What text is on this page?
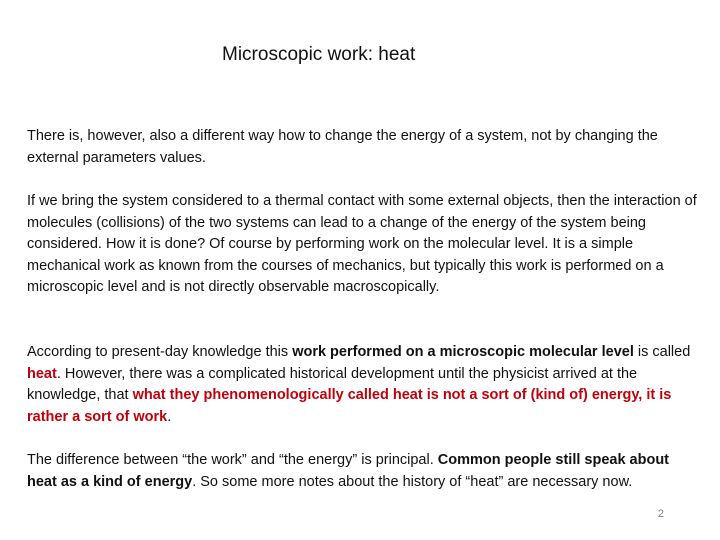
Microscopic work: heat

There is, however, also a different way how to change the energy of a system, not by changing the external parameters values.

If we bring the system considered to a thermal contact with some external objects, then the interaction of molecules (collisions) of the two systems can lead to a change of the energy of the system being considered. How it is done? Of course by performing work on the molecular level. It is a simple mechanical work as known from the courses of mechanics, but typically this work is performed on a microscopic level and is not directly observable macroscopically.

According to present-day knowledge this work performed on a microscopic molecular level is called heat. However, there was a complicated historical development until the physicist arrived at the knowledge, that what they phenomenologically called heat is not a sort of (kind of) energy, it is rather a sort of work.

The difference between “the work” and “the energy” is principal. Common people still speak about heat as a kind of energy. So some more notes about the history of “heat” are necessary now.

2
